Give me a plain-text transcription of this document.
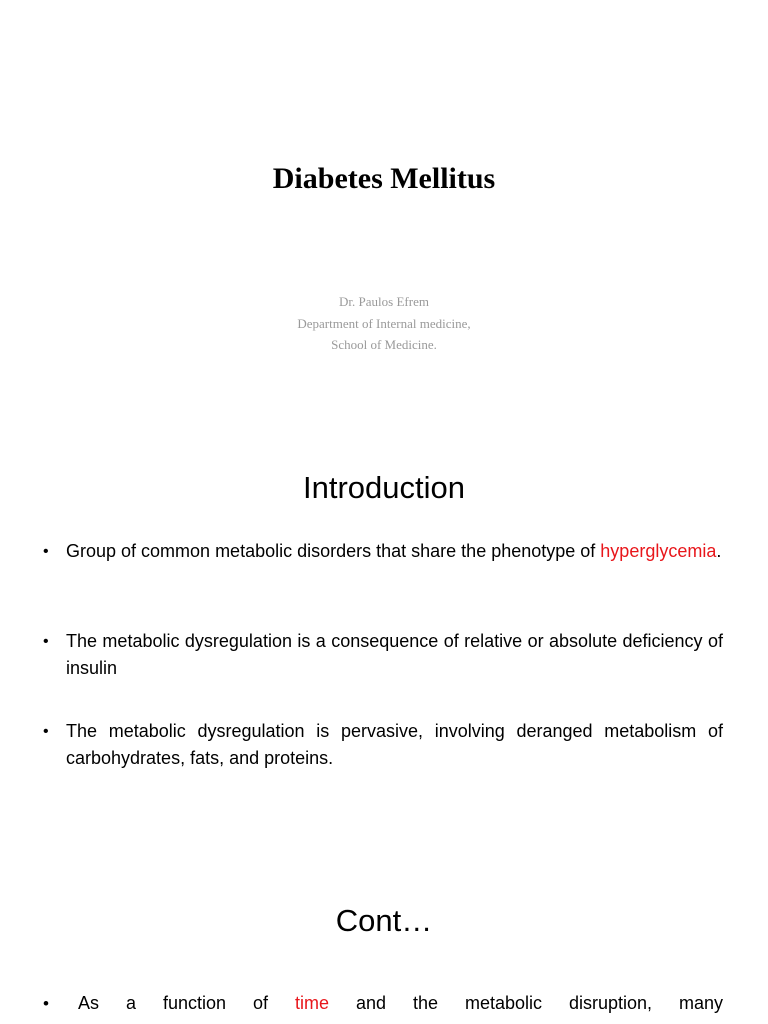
Diabetes Mellitus
Dr. Paulos Efrem
Department of Internal medicine,
School of Medicine.
Introduction
• Group of common metabolic disorders that share the phenotype of hyperglycemia.
• The metabolic dysregulation is a consequence of relative or absolute deficiency of insulin
• The metabolic dysregulation is pervasive, involving deranged metabolism of carbohydrates, fats, and proteins.
Cont…
• As a function of time and the metabolic disruption, many
